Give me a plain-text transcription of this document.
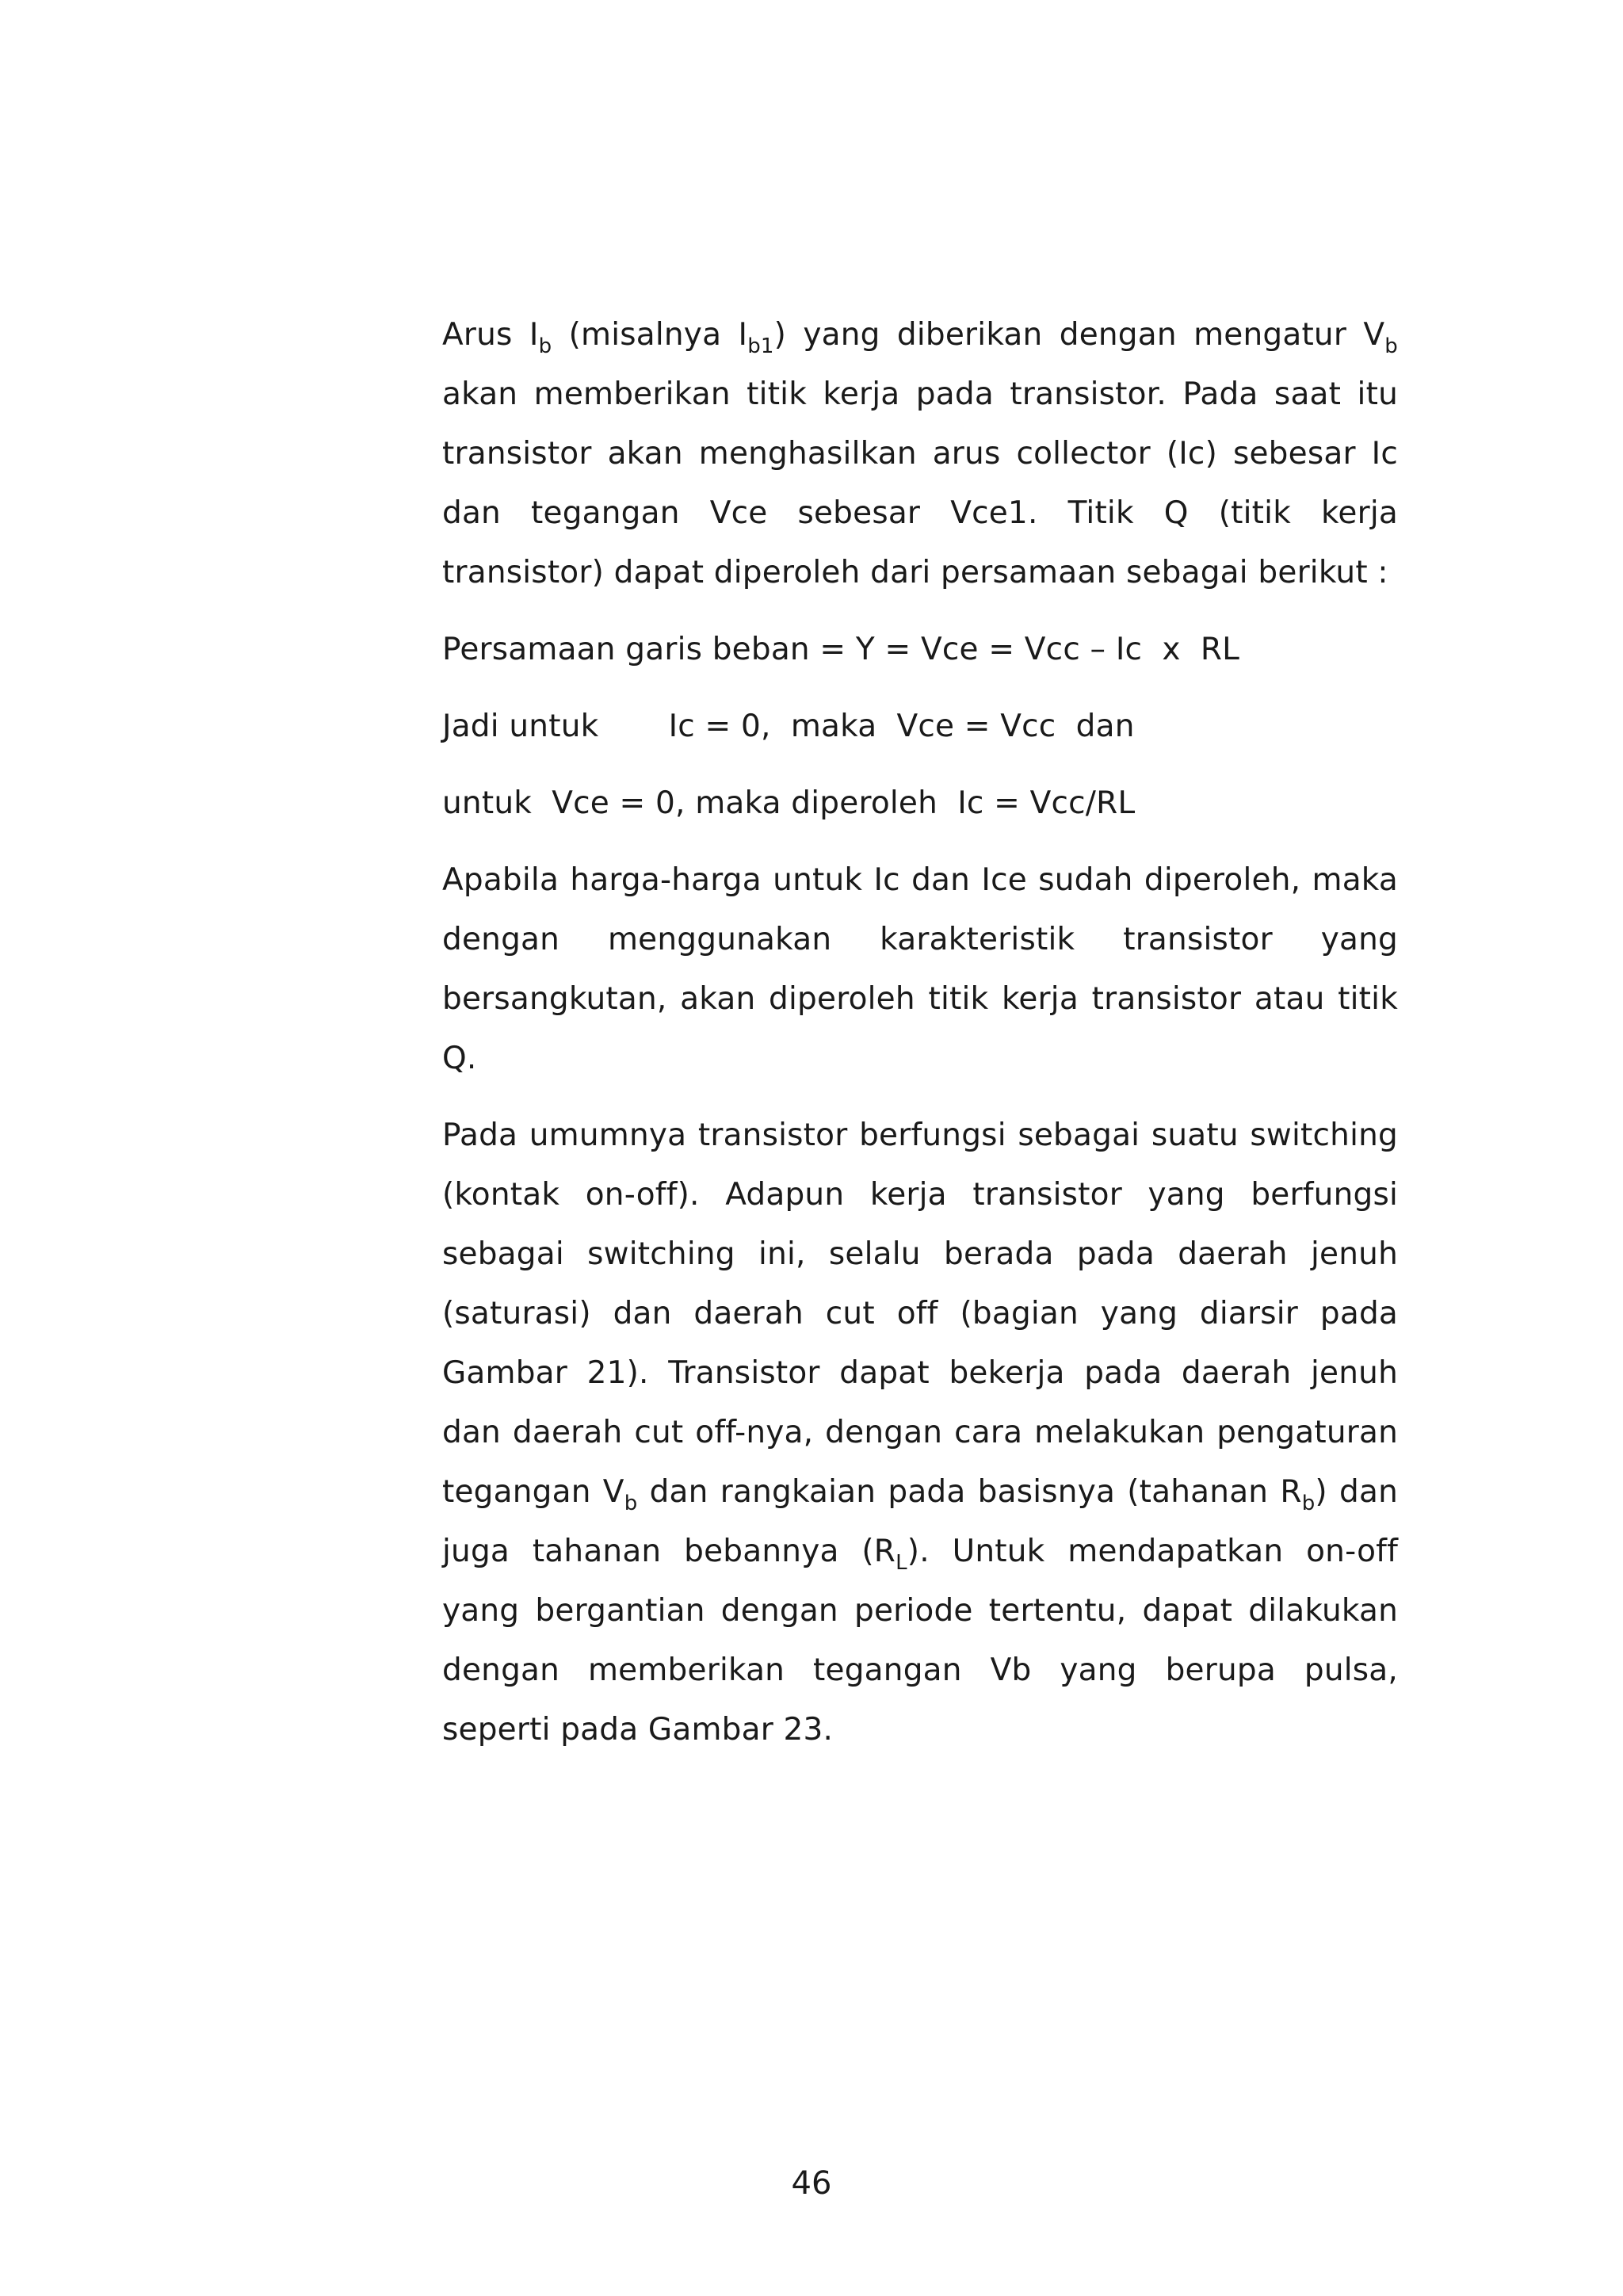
Arus $I_b$ (misalnya $I_{b1}$) yang diberikan dengan mengatur $V_b$ akan memberikan titik kerja pada transistor. Pada saat itu transistor akan menghasilkan arus collector (Ic) sebesar Ic dan tegangan Vce sebesar Vce1. Titik Q (titik kerja transistor) dapat diperoleh dari persamaan sebagai berikut :

Persamaan garis beban = Y = Vce = Vcc – Ic  x  RL

Jadi untuk       Ic = 0,  maka  Vce = Vcc  dan

untuk  Vce = 0, maka diperoleh  Ic = Vcc/RL

Apabila harga-harga untuk Ic dan Ice sudah diperoleh, maka dengan menggunakan karakteristik transistor yang bersangkutan, akan diperoleh titik kerja transistor atau titik Q.

Pada umumnya transistor berfungsi sebagai suatu switching (kontak on-off). Adapun kerja transistor yang berfungsi sebagai switching ini, selalu berada pada daerah jenuh (saturasi) dan daerah cut off (bagian yang diarsir pada Gambar 21). Transistor dapat bekerja pada daerah jenuh dan daerah cut off-nya, dengan cara melakukan pengaturan tegangan $V_b$ dan rangkaian pada basisnya (tahanan $R_b$) dan juga tahanan bebannya $(R_L)$. Untuk mendapatkan on-off yang bergantian dengan periode tertentu, dapat dilakukan dengan memberikan tegangan Vb yang berupa pulsa, seperti pada Gambar 23.

46
